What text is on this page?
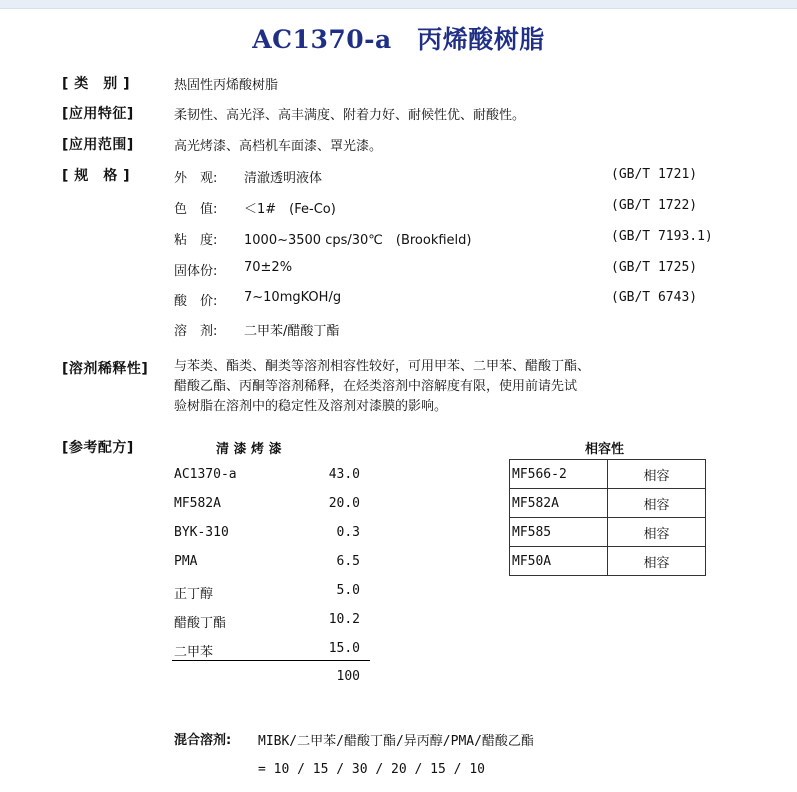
AC1370-a　丙烯酸树脂
[ 类　别 ]	热固性丙烯酸树脂
[应用特征]	柔韧性、高光泽、高丰满度、附着力好、耐候性优、耐酸性。
[应用范围]	高光烤漆、高档机车面漆、罩光漆。
[ 规　格 ]	外　观: 清澈透明液体	(GB/T 1721)
色　值: ＜1#　(Fe-Co)	(GB/T 1722)
粘　度: 1000~3500 cps/30℃　(Brookfield)	(GB/T 7193.1)
固体份: 70±2%	(GB/T 1725)
酸　价: 7~10mgKOH/g	(GB/T 6743)
溶　剂: 二甲苯/醋酸丁酯
[溶剂稀释性] 与苯类、酯类、酮类等溶剂相容性较好，可用甲苯、二甲苯、醋酸丁酯、
醋酸乙酯、丙酮等溶剂稀释，在烃类溶剂中溶解度有限，使用前请先试
验树脂在溶剂中的稳定性及溶剂对漆膜的影响。
[参考配方]	清 漆 烤 漆
AC1370-a	43.0
MF582A	20.0
BYK-310	0.3
PMA	6.5
正丁醇	5.0
醋酸丁酯	10.2
二甲苯	15.0
100
相容性
MF566-2	相容
MF582A	相容
MF585	相容
MF50A	相容
混合溶剂: MIBK/二甲苯/醋酸丁酯/异丙醇/PMA/醋酸乙酯
= 10 / 15 / 30 / 20 / 15 / 10
